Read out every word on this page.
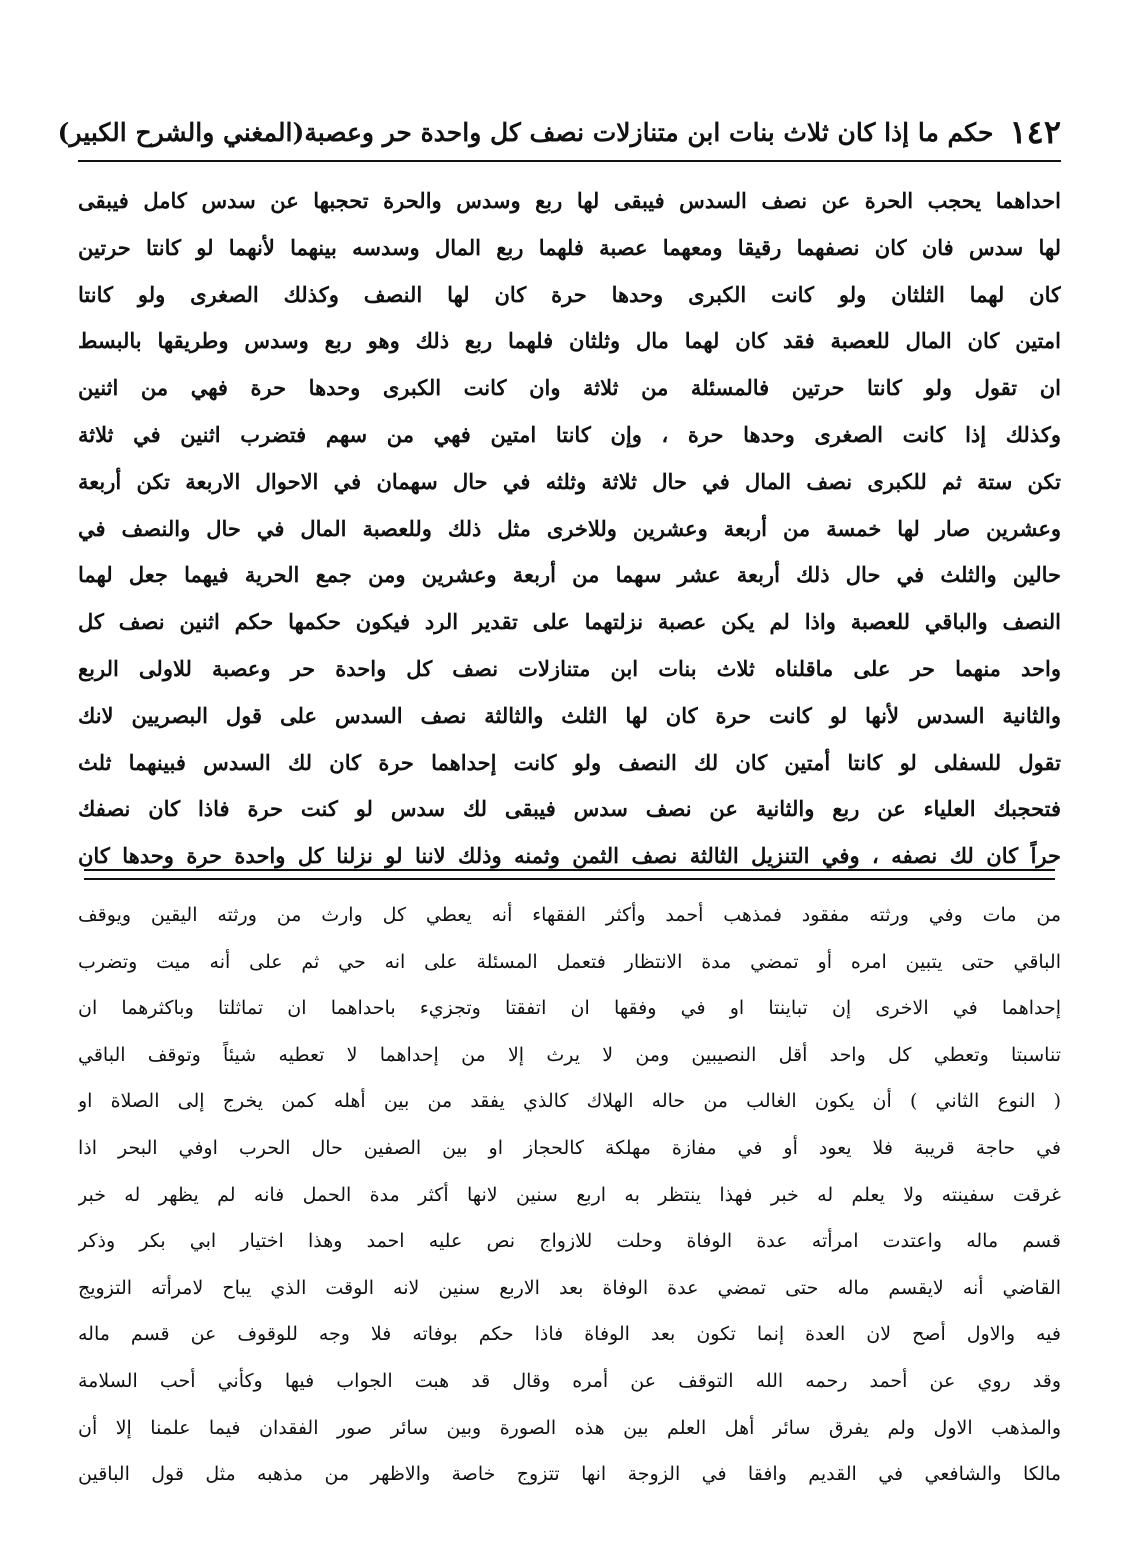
١٤٢
حكم ما إذا كان ثلاث بنات ابن متنازلات نصف كل واحدة حر وعصبة
(المغني والشرح الكبير)
احداهما يحجب الحرة عن نصف السدس فيبقى لها ربع وسدس والحرة تحجبها عن سدس كامل فيبقى
لها سدس فان كان نصفهما رقيقا ومعهما عصبة فلهما ربع المال وسدسه بينهما لأنهما لو كانتا حرتين
كان لهما الثلثان ولو كانت الكبرى وحدها حرة كان لها النصف وكذلك الصغرى ولو كانتا
امتين كان المال للعصبة فقد كان لهما مال وثلثان فلهما ربع ذلك وهو ربع وسدس وطريقها بالبسط
ان تقول ولو كانتا حرتين فالمسئلة من ثلاثة وان كانت الكبرى وحدها حرة فهي من اثنين
وكذلك إذا كانت الصغرى وحدها حرة ، وإن كانتا امتين فهي من سهم فتضرب اثنين في ثلاثة
تكن ستة ثم للكبرى نصف المال في حال ثلاثة وثلثه في حال سهمان في الاحوال الاربعة تكن أربعة
وعشرين صار لها خمسة من أربعة وعشرين وللاخرى مثل ذلك وللعصبة المال في حال والنصف في
حالين والثلث في حال ذلك أربعة عشر سهما من أربعة وعشرين ومن جمع الحرية فيهما جعل لهما
النصف والباقي للعصبة واذا لم يكن عصبة نزلتهما على تقدير الرد فيكون حكمها حكم اثنين نصف كل
واحد منهما حر على ماقلناه ثلاث بنات ابن متنازلات نصف كل واحدة حر وعصبة للاولى الربع
والثانية السدس لأنها لو كانت حرة كان لها الثلث والثالثة نصف السدس على قول البصريين لانك
تقول للسفلى لو كانتا أمتين كان لك النصف ولو كانت إحداهما حرة كان لك السدس فبينهما ثلث
فتحجبك العلياء عن ربع والثانية عن نصف سدس فيبقى لك سدس لو كنت حرة فاذا كان نصفك
حراً كان لك نصفه ، وفي التنزيل الثالثة نصف الثمن وثمنه وذلك لاننا لو نزلنا كل واحدة حرة وحدها كان
من مات وفي ورثته مفقود فمذهب أحمد وأكثر الفقهاء أنه يعطي كل وارث من ورثته اليقين ويوقف
الباقي حتى يتبين امره أو تمضي مدة الانتظار فتعمل المسئلة على انه حي ثم على أنه ميت وتضرب
إحداهما في الاخرى إن تباينتا او في وفقها ان اتفقتا وتجزيء باحداهما ان تماثلتا وباكثرهما ان
تناسبتا وتعطي كل واحد أقل النصيبين ومن لا يرث إلا من إحداهما لا تعطيه شيئاً وتوقف الباقي
( النوع الثاني ) أن يكون الغالب من حاله الهلاك كالذي يفقد من بين أهله كمن يخرج إلى الصلاة او
في حاجة قريبة فلا يعود أو في مفازة مهلكة كالحجاز او بين الصفين حال الحرب اوفي البحر اذا
غرقت سفينته ولا يعلم له خبر فهذا ينتظر به اربع سنين لانها أكثر مدة الحمل فانه لم يظهر له خبر
قسم ماله واعتدت امرأته عدة الوفاة وحلت للازواج نص عليه احمد وهذا اختيار ابي بكر وذكر
القاضي أنه لايقسم ماله حتى تمضي عدة الوفاة بعد الاربع سنين لانه الوقت الذي يباح لامرأته التزويج
فيه والاول أصح لان العدة إنما تكون بعد الوفاة فاذا حكم بوفاته فلا وجه للوقوف عن قسم ماله
وقد روي عن أحمد رحمه الله التوقف عن أمره وقال قد هبت الجواب فيها وكأني أحب السلامة
والمذهب الاول ولم يفرق سائر أهل العلم بين هذه الصورة وبين سائر صور الفقدان فيما علمنا إلا أن
مالكا والشافعي في القديم وافقا في الزوجة انها تتزوج خاصة والاظهر من مذهبه مثل قول الباقين
